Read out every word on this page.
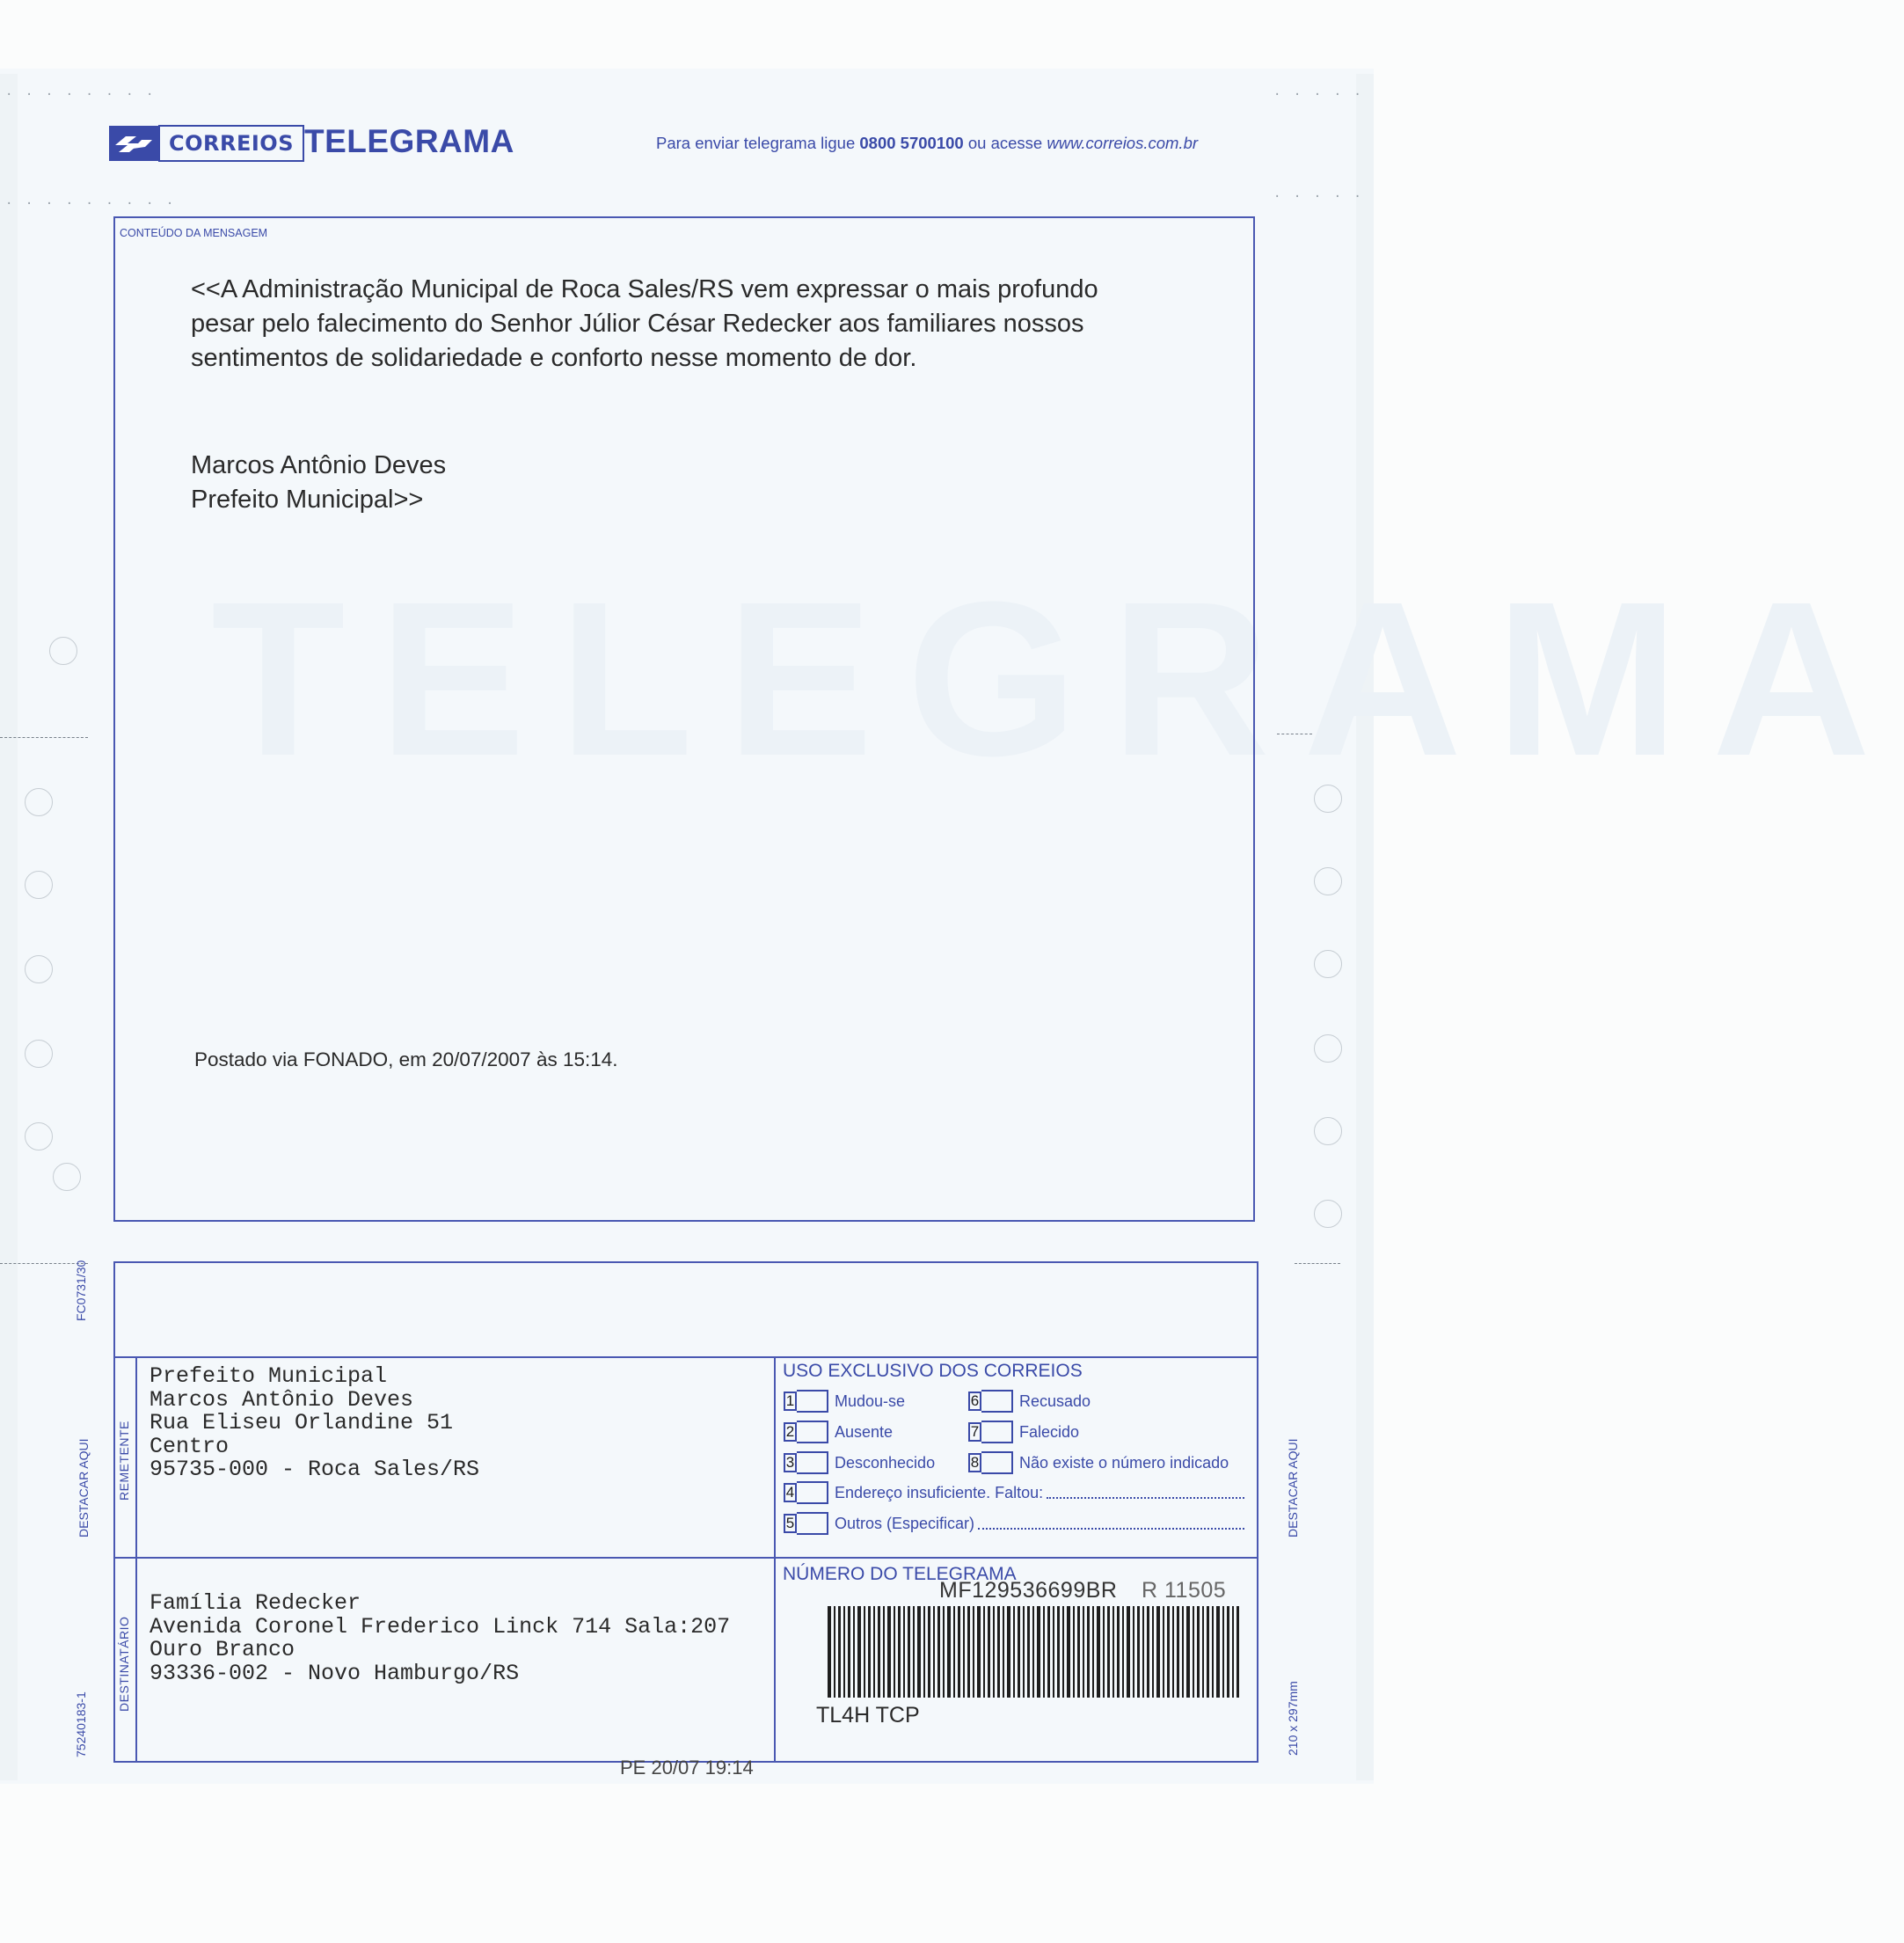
. . . . . . . .
. . . . . . . . .
. . . . .
. . . . .
CORREIOS TELEGRAMA	Para enviar telegrama ligue 0800 5700100 ou acesse www.correios.com.br
TELEGRAMA
CONTEÚDO DA MENSAGEM

<<A Administração Municipal de Roca Sales/RS vem expressar o mais profundo

pesar pelo falecimento do Senhor Júlior César Redecker aos familiares nossos

sentimentos de solidariedade e conforto nesse momento de dor.

Marcos Antônio Deves
Prefeito Municipal>>
Postado via FONADO, em 20/07/2007 às 15:14.
REMETENTE
DESTINATÁRIO
Prefeito Municipal
Marcos Antônio Deves
Rua Eliseu Orlandine 51
Centro
95735-000 - Roca Sales/RS
Família Redecker
Avenida Coronel Frederico Linck 714 Sala:207
Ouro Branco
93336-002 - Novo Hamburgo/RS
USO EXCLUSIVO DOS CORREIOS
1	Mudou-se
2	Ausente
3	Desconhecido
4	Endereço insuficiente. Faltou:
5	Outros (Especificar)
6	Recusado
7	Falecido
8	Não existe o número indicado
NÚMERO DO TELEGRAMA
MF129536699BR R 11505
TL4H TCP
PE 20/07 19:14
FC0731/30
DESTACAR AQUI
75240183-1
DESTACAR AQUI
210 x 297mm
